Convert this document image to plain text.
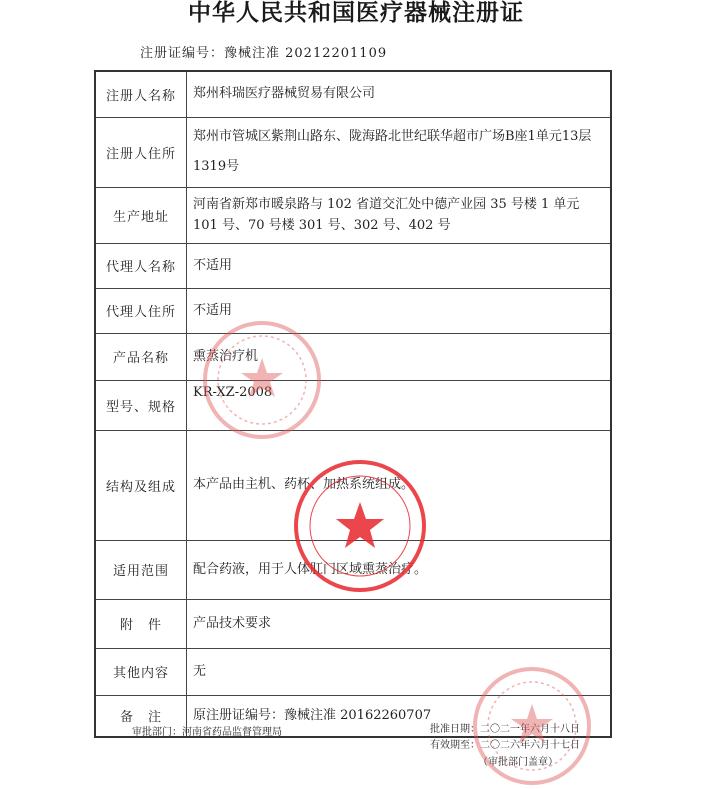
中华人民共和国医疗器械注册证
注册证编号：豫械注准 20212201109
注册人名称	郑州科瑞医疗器械贸易有限公司
注册人住所	郑州市管城区紫荆山路东、陇海路北世纪联华超市广场B座1单元13层1319号
生产地址	河南省新郑市暖泉路与 102 省道交汇处中德产业园 35 号楼 1 单元 101 号、70 号楼 301 号、302 号、402 号
代理人名称	不适用
代理人住所	不适用
产品名称	熏蒸治疗机
型号、规格	KR-XZ-2008
结构及组成	本产品由主机、药杯、加热系统组成。
适用范围	配合药液，用于人体肛门区域熏蒸治疗。
附　件	产品技术要求
其他内容	无
备　注	原注册证编号：豫械注准 20162260707
审批部门：河南省药品监督管理局	批准日期：二〇二一年六月十八日
有效期至：二〇二六年六月十七日
（审批部门盖章）
